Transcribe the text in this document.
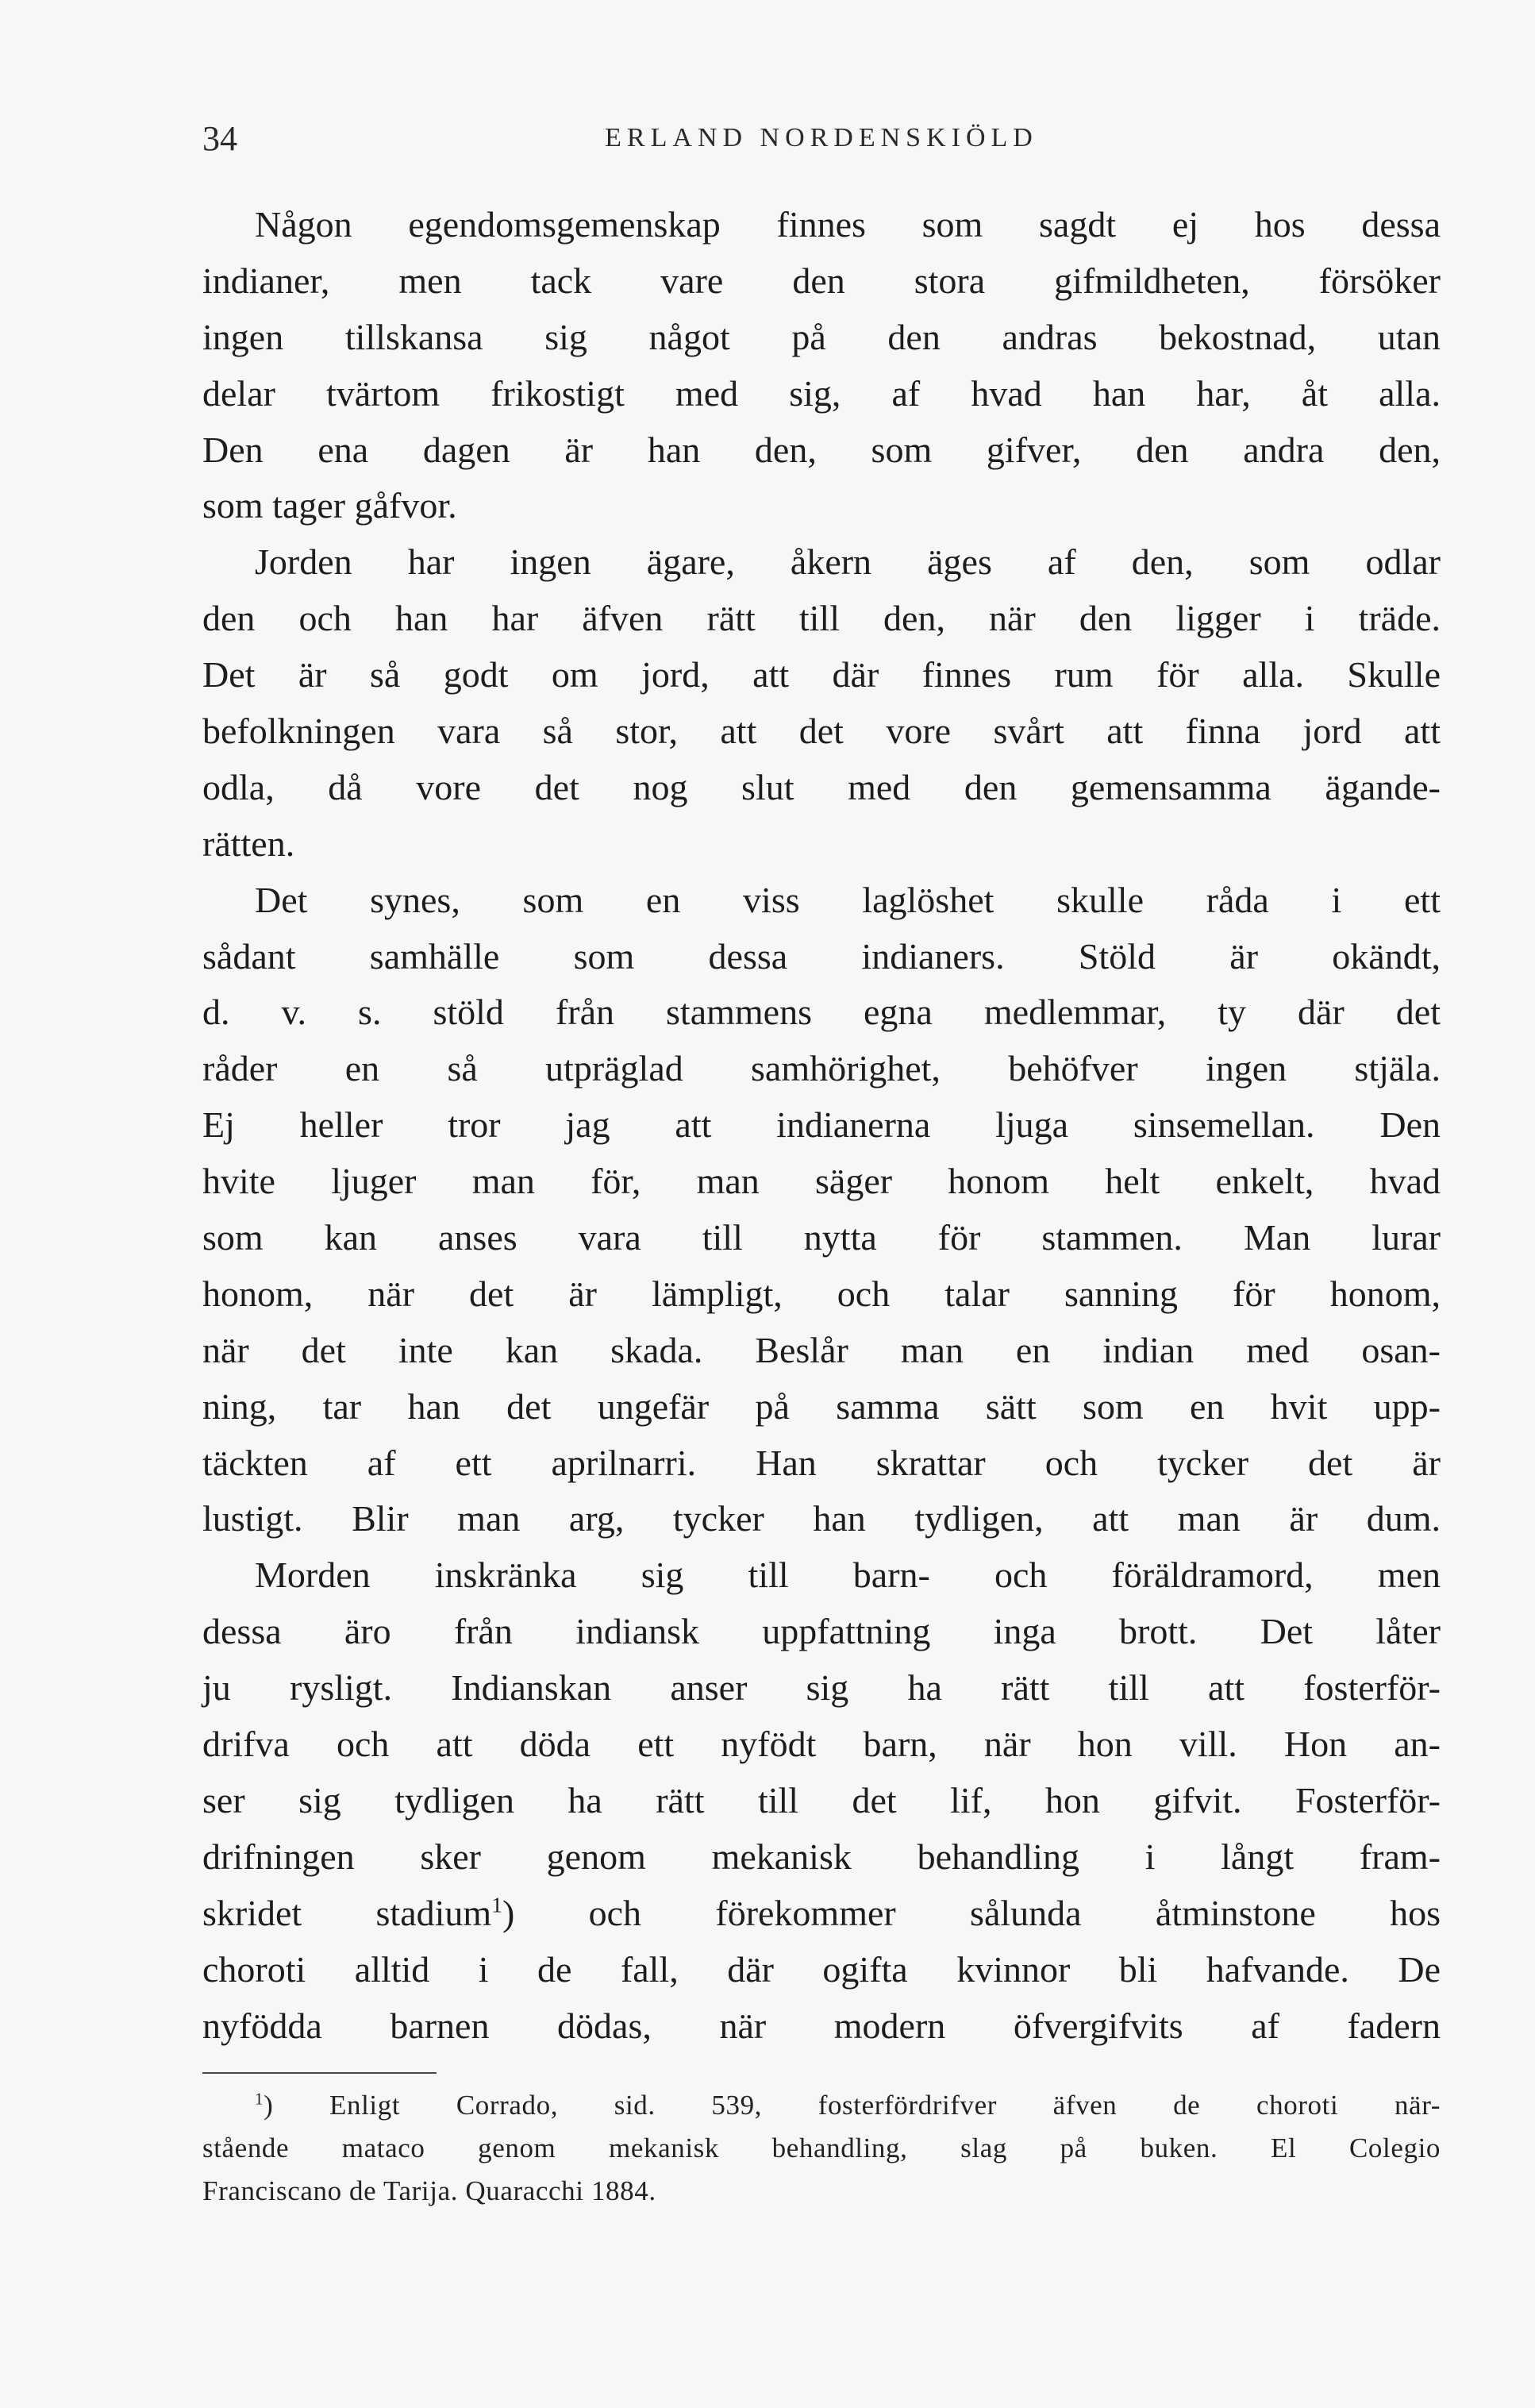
34	ERLAND NORDENSKIÖLD
Någon egendomsgemenskap finnes som sagdt ej hos dessa
indianer, men tack vare den stora gifmildheten, försöker
ingen tillskansa sig något på den andras bekostnad, utan
delar tvärtom frikostigt med sig, af hvad han har, åt alla.
Den ena dagen är han den, som gifver, den andra den,
som tager gåfvor.
Jorden har ingen ägare, åkern äges af den, som odlar
den och han har äfven rätt till den, när den ligger i träde.
Det är så godt om jord, att där finnes rum för alla. Skulle
befolkningen vara så stor, att det vore svårt att finna jord att
odla, då vore det nog slut med den gemensamma ägande-
rätten.
Det synes, som en viss laglöshet skulle råda i ett
sådant samhälle som dessa indianers. Stöld är okändt,
d. v. s. stöld från stammens egna medlemmar, ty där det
råder en så utpräglad samhörighet, behöfver ingen stjäla.
Ej heller tror jag att indianerna ljuga sinsemellan. Den
hvite ljuger man för, man säger honom helt enkelt, hvad
som kan anses vara till nytta för stammen. Man lurar
honom, när det är lämpligt, och talar sanning för honom,
när det inte kan skada. Beslår man en indian med osan-
ning, tar han det ungefär på samma sätt som en hvit upp-
täckten af ett aprilnarri. Han skrattar och tycker det är
lustigt. Blir man arg, tycker han tydligen, att man är dum.
Morden inskränka sig till barn- och föräldramord, men
dessa äro från indiansk uppfattning inga brott. Det låter
ju rysligt. Indianskan anser sig ha rätt till att fosterför-
drifva och att döda ett nyfödt barn, när hon vill. Hon an-
ser sig tydligen ha rätt till det lif, hon gifvit. Fosterför-
drifningen sker genom mekanisk behandling i långt fram-
skridet stadium$^1$) och förekommer sålunda åtminstone hos
choroti alltid i de fall, där ogifta kvinnor bli hafvande. De
nyfödda barnen dödas, när modern öfvergifvits af fadern
$^1$) Enligt Corrado, sid. 539, fosterfördrifver äfven de choroti när-
stående mataco genom mekanisk behandling, slag på buken. El Colegio
Franciscano de Tarija. Quaracchi 1884.
